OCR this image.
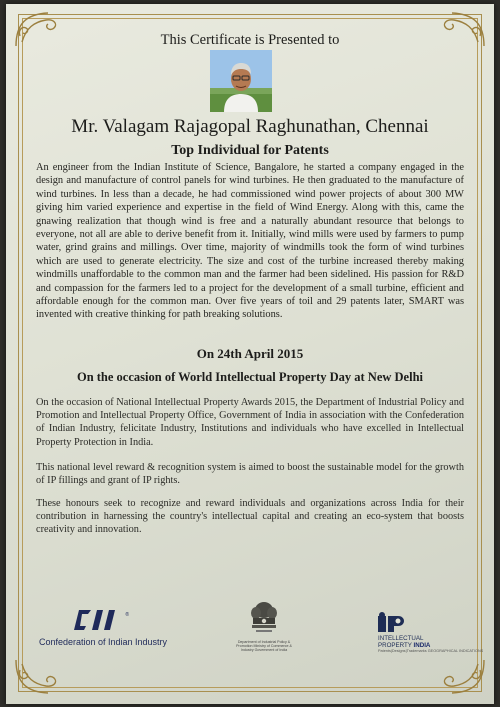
This Certificate is Presented to
Mr. Valagam Rajagopal Raghunathan, Chennai
Top Individual for Patents
An engineer from the Indian Institute of Science, Bangalore, he started a company engaged in the design and manufacture of control panels for wind turbines. He then graduated to the manufacture of wind turbines. In less than a decade, he had commissioned wind power projects of about 300 MW giving him varied experience and expertise in the field of Wind Energy. Along with this, came the gnawing realization that though wind is free and a naturally abundant resource that belongs to everyone, not all are able to derive benefit from it. Initially, wind mills were used by farmers to pump water, grind grains and millings. Over time, majority of windmills took the form of wind turbines which are used to generate electricity. The size and cost of the turbine increased thereby making windmills unaffordable to the common man and the farmer had been sidelined. His passion for R&D and compassion for the farmers led to a project for the development of a small turbine, efficient and affordable enough for the common man. Over five years of toil and 29 patents later, SMART was invented with creative thinking for path breaking solutions.
On 24th April 2015
On the occasion of World Intellectual Property Day at New Delhi
On the occasion of National Intellectual Property Awards 2015, the Department of Industrial Policy and Promotion and Intellectual Property Office, Government of India in association with the Confederation of Indian Industry, felicitate Industry, Institutions and individuals who have excelled in Intellectual Property Protection in India.
This national level reward & recognition system is aimed to boost the sustainable model for the growth of IP fillings and grant of IP rights.
These honours seek to recognize and reward individuals and organizations across India for their contribution in harnessing the country's intellectual capital and creating an eco-system that boosts creativity and innovation.
®
Confederation of Indian Industry	Department of Industrial Policy & Promotion Ministry of Commerce & Industry Government of India
INTELLECTUAL
PROPERTY INDIA
Patents|Designs|Trademarks GEOGRAPHICAL INDICATIONS
